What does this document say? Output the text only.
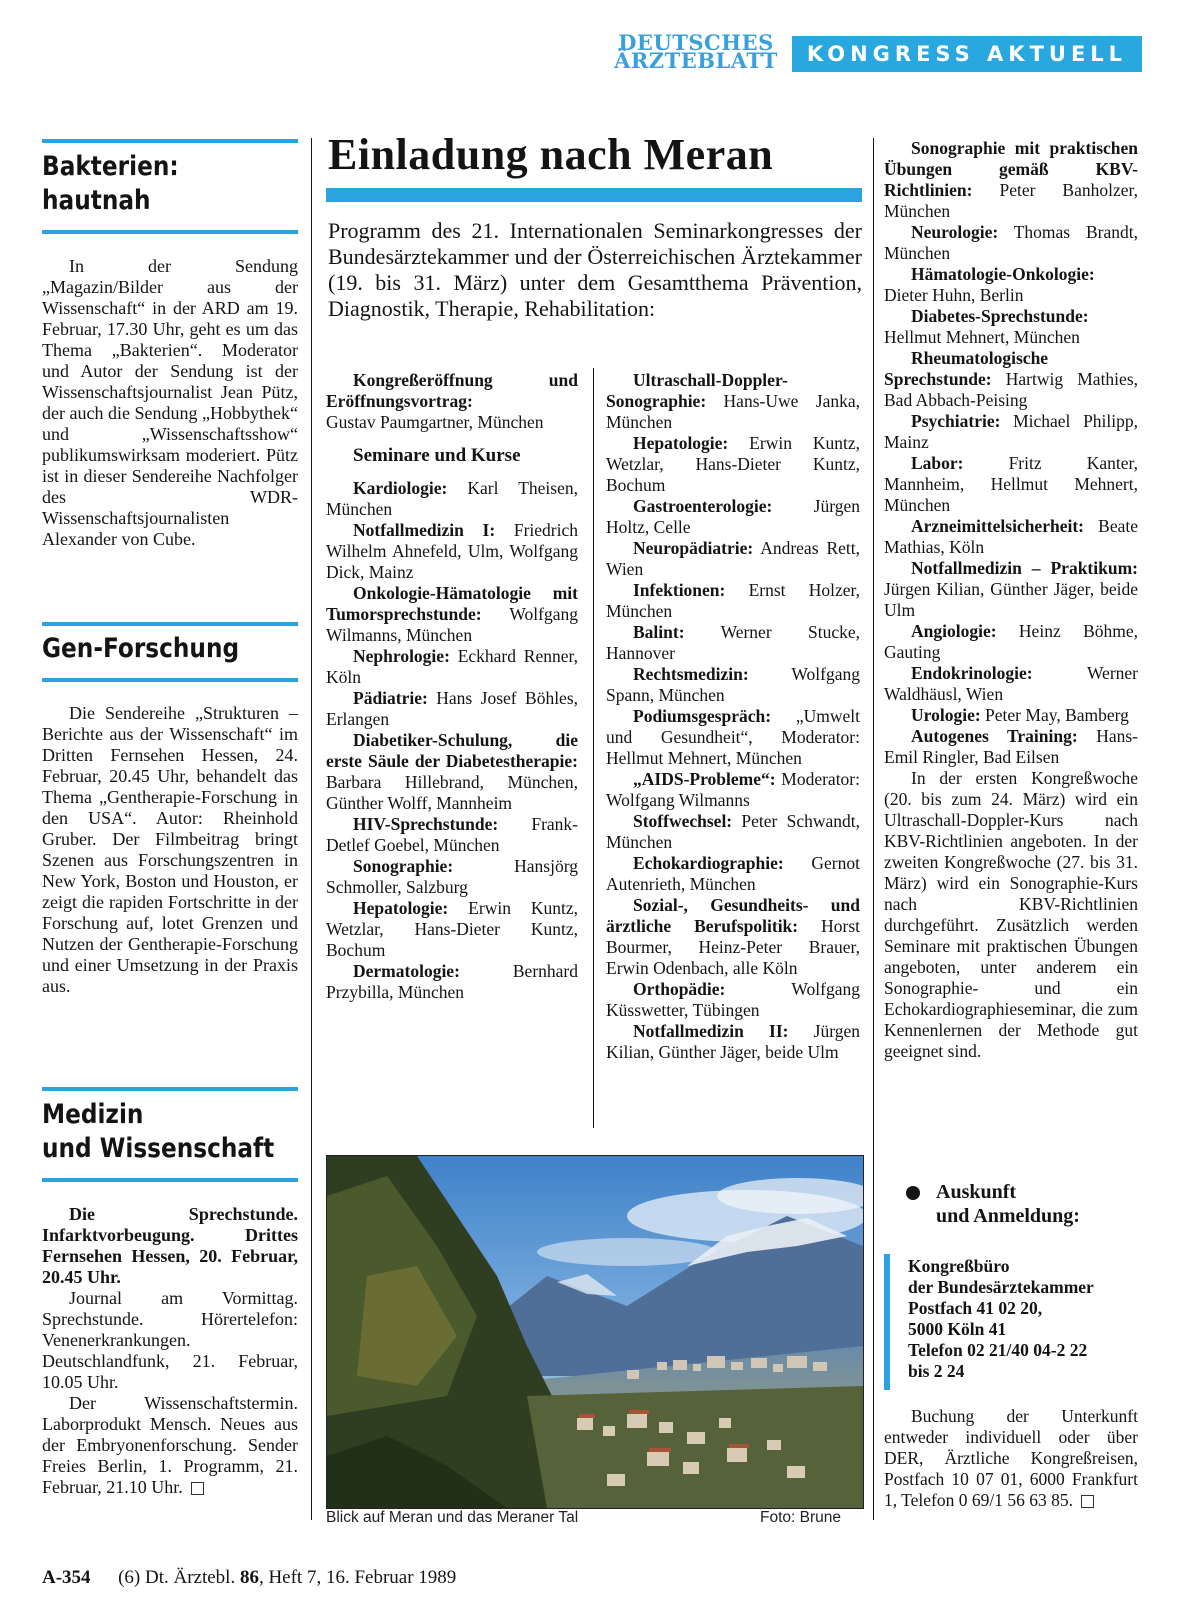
DEUTSCHES
ÄRZTEBLATT	KONGRESS AKTUELL
Bakterien:
hautnah

In der Sendung „Magazin/Bilder aus der Wissenschaft“ in der ARD am 19. Februar, 17.30 Uhr, geht es um das Thema „Bakterien“. Moderator und Autor der Sendung ist der Wissenschaftsjournalist Jean Pütz, der auch die Sendung „Hobbythek“ und „Wissenschaftsshow“ publikumswirksam moderiert. Pütz ist in dieser Sendereihe Nachfolger des WDR-Wissenschaftsjournalisten Alexander von Cube.

Gen-Forschung

Die Sendereihe „Strukturen – Berichte aus der Wissenschaft“ im Dritten Fernsehen Hessen, 24. Februar, 20.45 Uhr, behandelt das Thema „Gentherapie-Forschung in den USA“. Autor: Rheinhold Gruber. Der Filmbeitrag bringt Szenen aus Forschungszentren in New York, Boston und Houston, er zeigt die rapiden Fortschritte in der Forschung auf, lotet Grenzen und Nutzen der Gentherapie-Forschung und einer Umsetzung in der Praxis aus.

Medizin
und Wissenschaft

Die Sprechstunde. Infarktvorbeugung. Drittes Fernsehen Hessen, 20. Februar, 20.45 Uhr.

Journal am Vormittag. Sprechstunde. Hörertelefon: Venenerkrankungen. Deutschlandfunk, 21. Februar, 10.05 Uhr.

Der Wissenschaftstermin. Laborprodukt Mensch. Neues aus der Embryonenforschung. Sender Freies Berlin, 1. Programm, 21. Februar, 21.10 Uhr.

Einladung nach Meran
Programm des 21. Internationalen Seminarkongresses der Bundesärztekammer und der Österreichischen Ärztekammer (19. bis 31. März) unter dem Gesamtthema Prävention, Diagnostik, Therapie, Rehabilitation:

Kongreßeröffnung und Eröffnungsvortrag:

Gustav Paumgartner, München

Seminare und Kurse

Kardiologie: Karl Theisen, München

Notfallmedizin I: Friedrich Wilhelm Ahnefeld, Ulm, Wolfgang Dick, Mainz

Onkologie-Hämatologie mit Tumorsprechstunde: Wolfgang Wilmanns, München

Nephrologie: Eckhard Renner, Köln

Pädiatrie: Hans Josef Böhles, Erlangen

Diabetiker-Schulung, die erste Säule der Diabetestherapie: Barbara Hillebrand, München, Günther Wolff, Mannheim

HIV-Sprechstunde: Frank-Detlef Goebel, München

Sonographie:	Hansjörg Schmoller, Salzburg

Hepatologie: Erwin Kuntz, Wetzlar, Hans-Dieter Kuntz, Bochum

Dermatologie:	Bernhard Przybilla, München

Ultraschall-Doppler-Sonographie: Hans-Uwe Janka, München

Hepatologie: Erwin Kuntz, Wetzlar, Hans-Dieter Kuntz, Bochum

Gastroenterologie: Jürgen Holtz, Celle

Neuropädiatrie: Andreas Rett, Wien

Infektionen: Ernst Holzer, München

Balint: Werner Stucke, Hannover

Rechtsmedizin: Wolfgang Spann, München

Podiumsgespräch: „Umwelt und Gesundheit“, Moderator: Hellmut Mehnert, München

„AIDS-Probleme“: Moderator: Wolfgang Wilmanns

Stoffwechsel: Peter Schwandt, München

Echokardiographie: Gernot Autenrieth, München

Sozial-, Gesundheits- und ärztliche Berufspolitik: Horst Bourmer, Heinz-Peter Brauer, Erwin Odenbach, alle Köln

Orthopädie:	Wolfgang Küsswetter, Tübingen

Notfallmedizin II: Jürgen Kilian, Günther Jäger, beide Ulm

Sonographie mit praktischen Übungen gemäß KBV-Richtlinien: Peter Banholzer, München

Neurologie: Thomas Brandt, München

Hämatologie-Onkologie: Dieter Huhn, Berlin

Diabetes-Sprechstunde: Hellmut Mehnert, München

Rheumatologische Sprechstunde: Hartwig Mathies, Bad Abbach-Peising

Psychiatrie: Michael Philipp, Mainz

Labor:	Fritz Kanter, Mannheim, Hellmut Mehnert, München

Arzneimittelsicherheit: Beate Mathias, Köln

Notfallmedizin – Praktikum: Jürgen Kilian, Günther Jäger, beide Ulm

Angiologie: Heinz Böhme, Gauting

Endokrinologie:	Werner Waldhäusl, Wien

Urologie: Peter May, Bamberg

Autogenes Training: Hans-Emil Ringler, Bad Eilsen

In der ersten Kongreßwoche (20. bis zum 24. März) wird ein Ultraschall-Doppler-Kurs nach KBV-Richtlinien angeboten. In der zweiten Kongreßwoche (27. bis 31. März) wird ein Sonographie-Kurs nach KBV-Richtlinien durchgeführt. Zusätzlich werden Seminare mit praktischen Übungen angeboten, unter anderem ein Sonographie- und ein Echokardiographieseminar, die zum Kennenlernen der Methode gut geeignet sind.

Auskunft
und Anmeldung:
Kongreßbüro
der Bundesärztekammer
Postfach 41 02 20,
5000 Köln 41
Telefon 02 21/40 04-2 22
bis 2 24

Buchung der Unterkunft entweder individuell oder über DER, Ärztliche Kongreßreisen, Postfach 10 07 01, 6000 Frankfurt 1, Telefon 0 69/1 56 63 85.

Blick auf Meran und das Meraner Tal	Foto: Brune
A-354 (6) Dt. Ärztebl. 86, Heft 7, 16. Februar 1989
